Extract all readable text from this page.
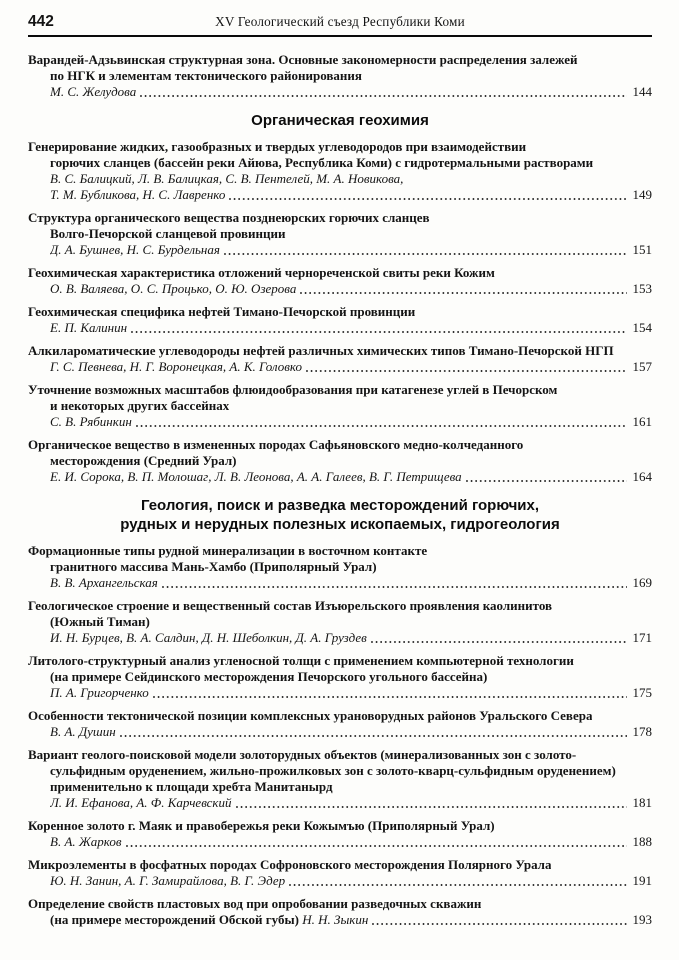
442	XV Геологический съезд Республики Коми
Варандей-Адзьвинская структурная зона. Основные закономерности распределения залежей
по НГК и элементам тектонического районирования
М. С. Желудова	144
Органическая геохимия
Генерирование жидких, газообразных и твердых углеводородов при взаимодействии
горючих сланцев (бассейн реки Айюва, Республика Коми) с гидротермальными растворами
В. С. Балицкий, Л. В. Балицкая, С. В. Пентелей, М. А. Новикова,
Т. М. Бубликова, Н. С. Лавренко	149
Структура органического вещества позднеюрских горючих сланцев
Волго-Печорской сланцевой провинции
Д. А. Бушнев, Н. С. Бурдельная	151
Геохимическая характеристика отложений чернореченской свиты реки Кожим
О. В. Валяева, О. С. Процько, О. Ю. Озерова	153
Геохимическая специфика нефтей Тимано-Печорской провинции
Е. П. Калинин	154
Алкилароматические углеводороды нефтей различных химических типов Тимано-Печорской НГП
Г. С. Певнева, Н. Г. Воронецкая, А. К. Головко	157
Уточнение возможных масштабов флюидообразования при катагенезе углей в Печорском
и некоторых других бассейнах
С. В. Рябинкин	161
Органическое вещество в измененных породах Сафьяновского медно-колчеданного
месторождения (Средний Урал)
Е. И. Сорока, В. П. Молошаг, Л. В. Леонова, А. А. Галеев, В. Г. Петрищева	164
Геология, поиск и разведка месторождений горючих,
рудных и нерудных полезных ископаемых, гидрогеология
Формационные типы рудной минерализации в восточном контакте
гранитного массива Мань-Хамбо (Приполярный Урал)
В. В. Архангельская	169
Геологическое строение и вещественный состав Изъюрельского проявления каолинитов
(Южный Тиман)
И. Н. Бурцев, В. А. Салдин, Д. Н. Шеболкин, Д. А. Груздев	171
Литолого-структурный анализ угленосной толщи с применением компьютерной технологии
(на примере Сейдинского месторождения Печорского угольного бассейна)
П. А. Григорченко	175
Особенности тектонической позиции комплексных урановорудных районов Уральского Севера
В. А. Душин	178
Вариант геолого-поисковой модели золоторудных объектов (минерализованных зон с золото-
сульфидным оруденением, жильно-прожилковых зон с золото-кварц-сульфидным оруденением)
применительно к площади хребта Манитанырд
Л. И. Ефанова, А. Ф. Карчевский	181
Коренное золото г. Маяк и правобережья реки Кожымъю (Приполярный Урал)
В. А. Жарков	188
Микроэлементы в фосфатных породах Софроновского месторождения Полярного Урала
Ю. Н. Занин, А. Г. Замирайлова, В. Г. Эдер	191
Определение свойств пластовых вод при опробовании разведочных скважин
(на примере месторождений Обской губы) Н. Н. Зыкин	193
